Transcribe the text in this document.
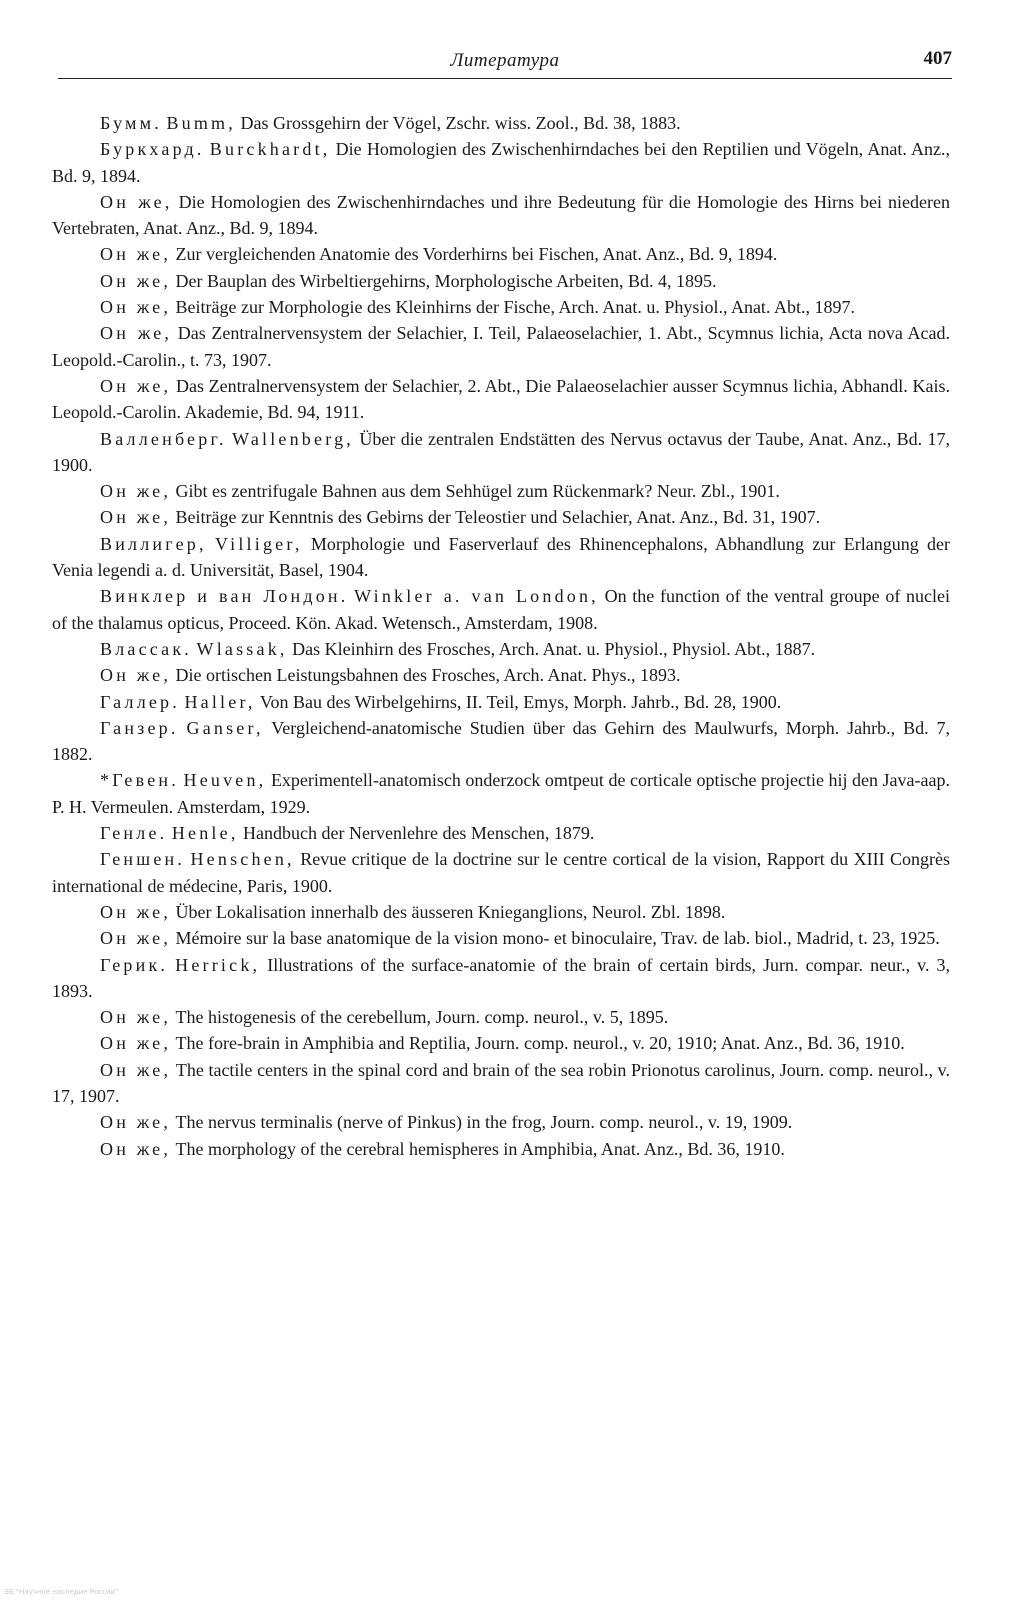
Литература	407

Бумм. Bumm, Das Grossgehirn der Vögel, Zschr. wiss. Zool., Bd. 38, 1883.

Буркхард. Burckhardt, Die Homologien des Zwischenhirndaches bei den Reptilien und Vögeln, Anat. Anz., Bd. 9, 1894.

Он же, Die Homologien des Zwischenhirndaches und ihre Bedeutung für die Homologie des Hirns bei niederen Vertebraten, Anat. Anz., Bd. 9, 1894.

Он же, Zur vergleichenden Anatomie des Vorderhirns bei Fischen, Anat. Anz., Bd. 9, 1894.

Он же, Der Bauplan des Wirbeltiergehirns, Morphologische Arbeiten, Bd. 4, 1895.

Он же, Beiträge zur Morphologie des Kleinhirns der Fische, Arch. Anat. u. Physiol., Anat. Abt., 1897.

Он же, Das Zentralnervensystem der Selachier, I. Teil, Palaeoselachier, 1. Abt., Scymnus lichia, Acta nova Acad. Leopold.-Carolin., t. 73, 1907.

Он же, Das Zentralnervensystem der Selachier, 2. Abt., Die Palaeoselachier ausser Scymnus lichia, Abhandl. Kais. Leopold.-Carolin. Akademie, Bd. 94, 1911.

Валленберг. Wallenberg, Über die zentralen Endstätten des Nervus octavus der Taube, Anat. Anz., Bd. 17, 1900.

Он же, Gibt es zentrifugale Bahnen aus dem Sehhügel zum Rückenmark? Neur. Zbl., 1901.

Он же, Beiträge zur Kenntnis des Gebirns der Teleostier und Selachier, Anat. Anz., Bd. 31, 1907.

Виллигер, Villiger, Morphologie und Faserverlauf des Rhinencephalons, Abhandlung zur Erlangung der Venia legendi a. d. Universität, Basel, 1904.

Винклер и ван Лондон. Winkler a. van London, On the function of the ventral groupe of nuclei of the thalamus opticus, Proceed. Kön. Akad. Wetensch., Amsterdam, 1908.

Влассак. Wlassak, Das Kleinhirn des Frosches, Arch. Anat. u. Physiol., Physiol. Abt., 1887.

Он же, Die ortischen Leistungsbahnen des Frosches, Arch. Anat. Phys., 1893.

Галлер. Haller, Von Bau des Wirbelgehirns, II. Teil, Emys, Morph. Jahrb., Bd. 28, 1900.

Ганзер. Ganser, Vergleichend-anatomische Studien über das Gehirn des Maulwurfs, Morph. Jahrb., Bd. 7, 1882.

*Гевен. Heuven, Experimentell-anatomisch onderzock omtpeut de corticale optische projectie hij den Java-aap. P. H. Vermeulen. Amsterdam, 1929.

Генле. Henle, Handbuch der Nervenlehre des Menschen, 1879.

Геншен. Henschen, Revue critique de la doctrine sur le centre cortical de la vision, Rapport du XIII Congrès international de médecine, Paris, 1900.

Он же, Über Lokalisation innerhalb des äusseren Knieganglions, Neurol. Zbl. 1898.

Он же, Mémoire sur la base anatomique de la vision mono- et binoculaire, Trav. de lab. biol., Madrid, t. 23, 1925.

Герик. Herrick, Illustrations of the surface-anatomie of the brain of certain birds, Jurn. compar. neur., v. 3, 1893.

Он же, The histogenesis of the cerebellum, Journ. comp. neurol., v. 5, 1895.

Он же, The fore-brain in Amphibia and Reptilia, Journ. comp. neurol., v. 20, 1910; Anat. Anz., Bd. 36, 1910.

Он же, The tactile centers in the spinal cord and brain of the sea robin Prionotus carolinus, Journ. comp. neurol., v. 17, 1907.

Он же, The nervus terminalis (nerve of Pinkus) in the frog, Journ. comp. neurol., v. 19, 1909.

Он же, The morphology of the cerebral hemispheres in Amphibia, Anat. Anz., Bd. 36, 1910.

ЭБ "Научное наследие России"
